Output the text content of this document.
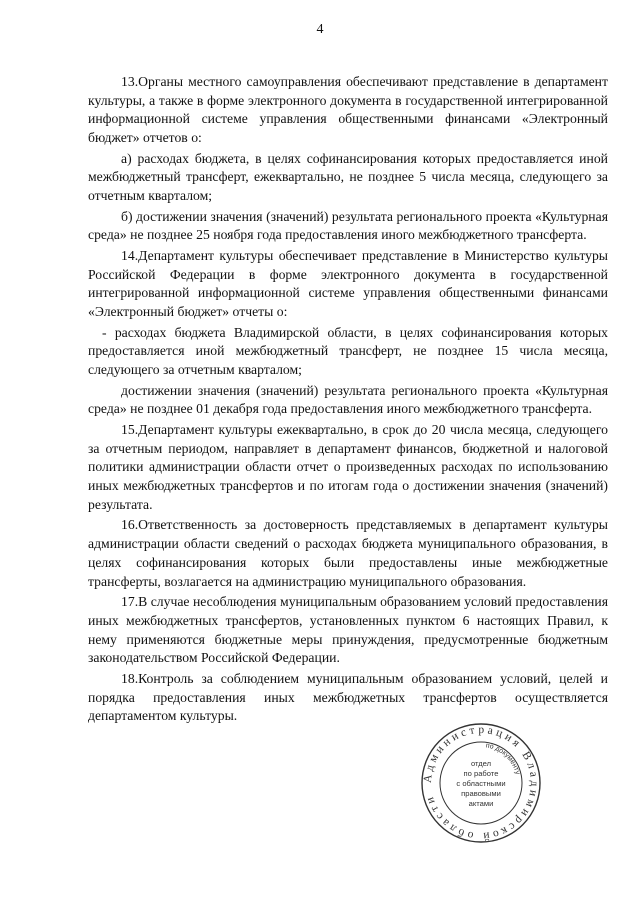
4

13.Органы местного самоуправления обеспечивают представление в департамент культуры, а также в форме электронного документа в государственной интегрированной информационной системе управления общественными финансами «Электронный бюджет» отчетов о:

а) расходах бюджета, в целях софинансирования которых предоставляется иной межбюджетный трансферт, ежеквартально, не позднее 5 числа месяца, следующего за отчетным кварталом;

б) достижении значения (значений) результата регионального проекта «Культурная среда» не позднее 25 ноября года предоставления иного межбюджетного трансферта.

14.Департамент культуры обеспечивает представление в Министерство культуры Российской Федерации в форме электронного документа в государственной интегрированной информационной системе управления общественными финансами «Электронный бюджет» отчеты о:

- расходах бюджета Владимирской области, в целях софинансирования которых предоставляется иной межбюджетный трансферт, не позднее 15 числа месяца, следующего за отчетным кварталом;

достижении значения (значений) результата регионального проекта «Культурная среда» не позднее 01 декабря года предоставления иного межбюджетного трансферта.

15.Департамент культуры ежеквартально, в срок до 20 числа месяца, следующего за отчетным периодом, направляет в департамент финансов, бюджетной и налоговой политики администрации области отчет о произведенных расходах по использованию иных межбюджетных трансфертов и по итогам года о достижении значения (значений) результата.

16.Ответственность за достоверность представляемых в департамент культуры администрации области сведений о расходах бюджета муниципального образования, в целях софинансирования которых были предоставлены иные межбюджетные трансферты, возлагается на администрацию муниципального образования.

17.В случае несоблюдения муниципальным образованием условий предоставления иных межбюджетных трансфертов, установленных пунктом 6 настоящих Правил, к нему применяются бюджетные меры принуждения, предусмотренные бюджетным законодательством Российской Федерации.

18.Контроль за соблюдением муниципальным образованием условий, целей и порядка предоставления иных межбюджетных трансфертов осуществляется департаментом культуры.

Администрация Владимирской области
по документу
отдел
по работе
с областными
правовыми
актами
